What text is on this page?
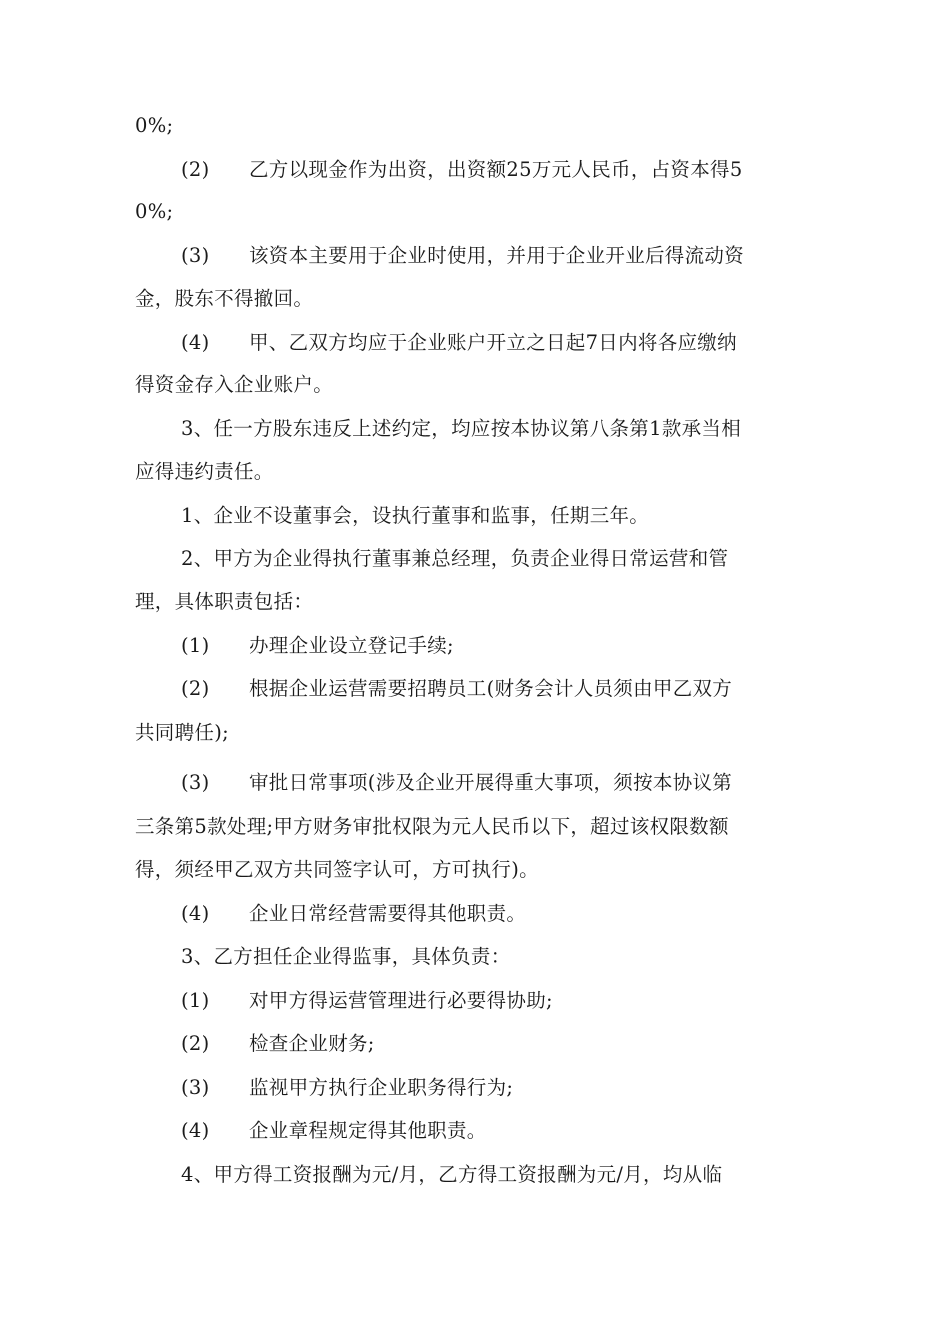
0%;
(2) 乙方以现金作为出资，出资额25万元人民币，占资本得5
0%;
(3) 该资本主要用于企业时使用，并用于企业开业后得流动资
金，股东不得撤回。
(4) 甲、乙双方均应于企业账户开立之日起7日内将各应缴纳
得资金存入企业账户。
3、任一方股东违反上述约定，均应按本协议第八条第1款承当相
应得违约责任。
1、企业不设董事会，设执行董事和监事，任期三年。
2、甲方为企业得执行董事兼总经理，负责企业得日常运营和管
理，具体职责包括：
(1) 办理企业设立登记手续;
(2) 根据企业运营需要招聘员工(财务会计人员须由甲乙双方
共同聘任);
(3) 审批日常事项(涉及企业开展得重大事项，须按本协议第
三条第5款处理;甲方财务审批权限为元人民币以下，超过该权限数额
得，须经甲乙双方共同签字认可，方可执行)。
(4) 企业日常经营需要得其他职责。
3、乙方担任企业得监事，具体负责：
(1) 对甲方得运营管理进行必要得协助;
(2) 检查企业财务;
(3) 监视甲方执行企业职务得行为;
(4) 企业章程规定得其他职责。
4、甲方得工资报酬为元/月，乙方得工资报酬为元/月，均从临
